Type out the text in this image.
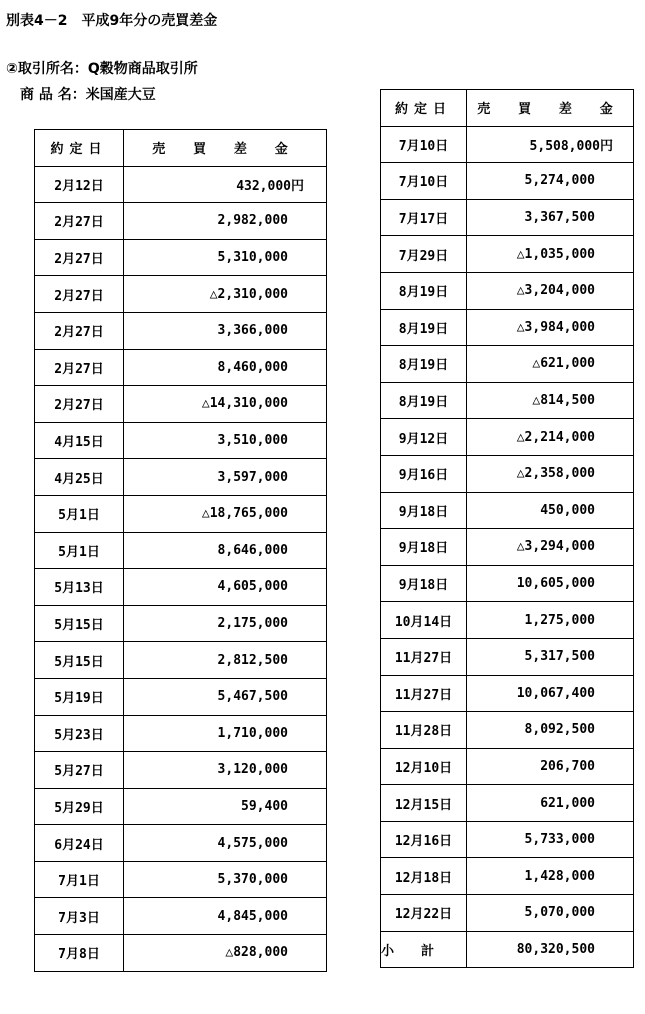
別表4－2　平成9年分の売買差金
②取引所名：Q穀物商品取引所
商 品 名：米国産大豆
約定日	売 買 差 金
2月12日	432,000円
2月27日	2,982,000
2月27日	5,310,000
2月27日	△2,310,000
2月27日	3,366,000
2月27日	8,460,000
2月27日	△14,310,000
4月15日	3,510,000
4月25日	3,597,000
5月1日	△18,765,000
5月1日	8,646,000
5月13日	4,605,000
5月15日	2,175,000
5月15日	2,812,500
5月19日	5,467,500
5月23日	1,710,000
5月27日	3,120,000
5月29日	59,400
6月24日	4,575,000
7月1日	5,370,000
7月3日	4,845,000
7月8日	△828,000
約定日	売 買 差 金
7月10日	5,508,000円
7月10日	5,274,000
7月17日	3,367,500
7月29日	△1,035,000
8月19日	△3,204,000
8月19日	△3,984,000
8月19日	△621,000
8月19日	△814,500
9月12日	△2,214,000
9月16日	△2,358,000
9月18日	450,000
9月18日	△3,294,000
9月18日	10,605,000
10月14日	1,275,000
11月27日	5,317,500
11月27日	10,067,400
11月28日	8,092,500
12月10日	206,700
12月15日	621,000
12月16日	5,733,000
12月18日	1,428,000
12月22日	5,070,000
小 計	80,320,500
